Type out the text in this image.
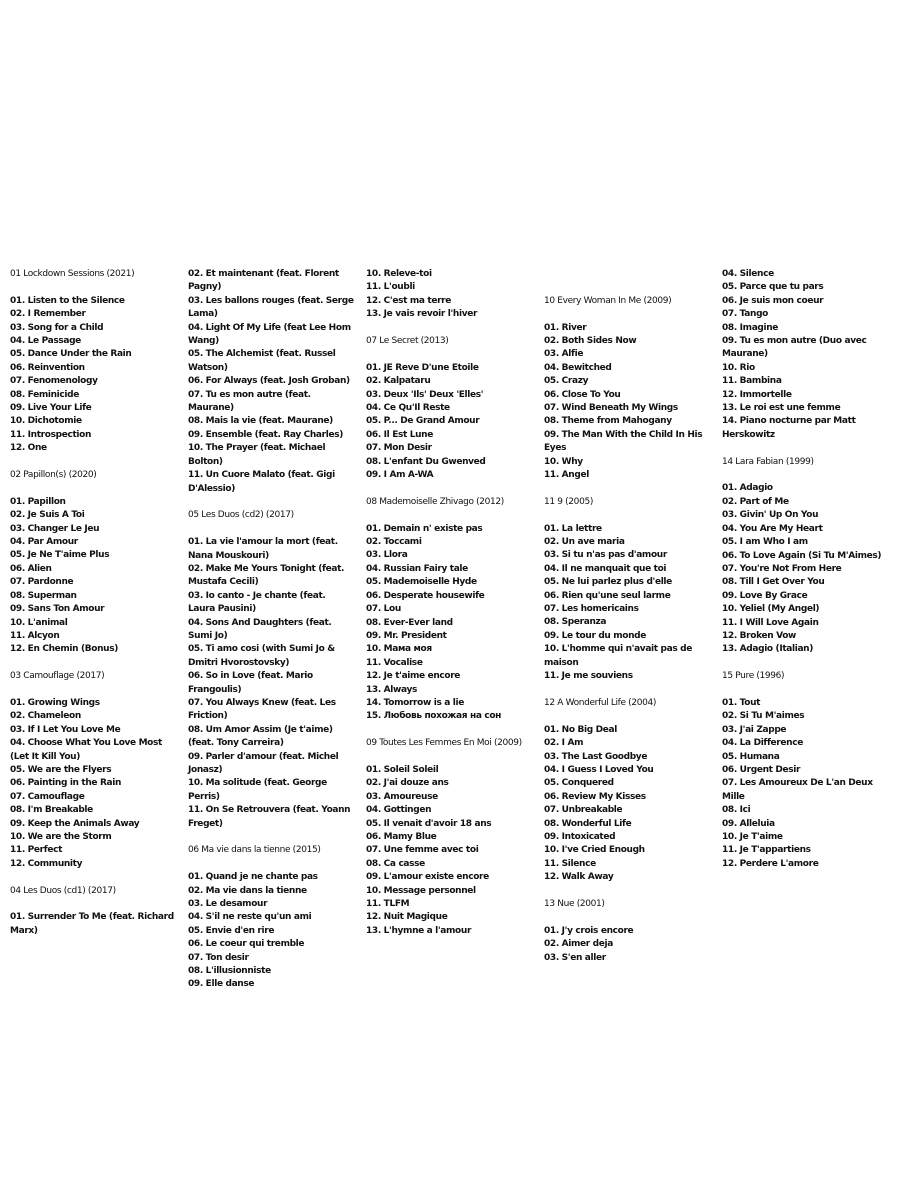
01 Lockdown Sessions (2021)
01. Listen to the Silence
02. I Remember
03. Song for a Child
04. Le Passage
05. Dance Under the Rain
06. Reinvention
07. Fenomenology
08. Feminicide
09. Live Your Life
10. Dichotomie
11. Introspection
12. One
02 Papillon(s) (2020)
01. Papillon
02. Je Suis A Toi
03. Changer Le Jeu
04. Par Amour
05. Je Ne T'aime Plus
06. Alien
07. Pardonne
08. Superman
09. Sans Ton Amour
10. L'animal
11. Alcyon
12. En Chemin (Bonus)
03 Camouflage (2017)
01. Growing Wings
02. Chameleon
03. If I Let You Love Me
04. Choose What You Love Most (Let It Kill You)
05. We are the Flyers
06. Painting in the Rain
07. Camouflage
08. I'm Breakable
09. Keep the Animals Away
10. We are the Storm
11. Perfect
12. Community
04 Les Duos (cd1) (2017)
01. Surrender To Me (feat. Richard Marx)
02. Et maintenant (feat. Florent Pagny)
03. Les ballons rouges (feat. Serge Lama)
04. Light Of My Life (feat Lee Hom Wang)
05. The Alchemist (feat. Russel Watson)
06. For Always (feat. Josh Groban)
07. Tu es mon autre (feat. Maurane)
08. Mais la vie (feat. Maurane)
09. Ensemble (feat. Ray Charles)
10. The Prayer (feat. Michael Bolton)
11. Un Cuore Malato (feat. Gigi D'Alessio)
05 Les Duos (cd2) (2017)
01. La vie l'amour la mort (feat. Nana Mouskouri)
02. Make Me Yours Tonight (feat. Mustafa Cecili)
03. Io canto - Je chante (feat. Laura Pausini)
04. Sons And Daughters (feat. Sumi Jo)
05. Ti amo cosi (with Sumi Jo & Dmitri Hvorostovsky)
06. So in Love (feat. Mario Frangoulis)
07. You Always Knew (feat. Les Friction)
08. Um Amor Assim (Je t'aime)(feat. Tony Carreira)
09. Parler d'amour (feat. Michel Jonasz)
10. Ma solitude (feat. George Perris)
11. On Se Retrouvera (feat. Yoann Freget)
06 Ma vie dans la tienne (2015)
01. Quand je ne chante pas
02. Ma vie dans la tienne
03. Le desamour
04. S'il ne reste qu'un ami
05. Envie d'en rire
06. Le coeur qui tremble
07. Ton desir
08. L'illusionniste
09. Elle danse
10. Releve-toi
11. L'oubli
12. C'est ma terre
13. Je vais revoir l'hiver
07 Le Secret (2013)
01. JE Reve D'une Etoile
02. Kalpataru
03. Deux 'Ils' Deux 'Elles'
04. Ce Qu'Il Reste
05. P... De Grand Amour
06. Il Est Lune
07. Mon Desir
08. L'enfant Du Gwenved
09. I Am A-WA
08 Mademoiselle Zhivago (2012)
01. Demain n' existe pas
02. Toccami
03. Llora
04. Russian Fairy tale
05. Mademoiselle Hyde
06. Desperate housewife
07. Lou
08. Ever-Ever land
09. Mr. President
10. Мама моя
11. Vocalise
12. Je t'aime encore
13. Always
14. Tomorrow is a lie
15. Любовь похожая на сон
09 Toutes Les Femmes En Moi (2009)
01. Soleil Soleil
02. J'ai douze ans
03. Amoureuse
04. Gottingen
05. Il venait d'avoir 18 ans
06. Mamy Blue
07. Une femme avec toi
08. Ca casse
09. L'amour existe encore
10. Message personnel
11. TLFM
12. Nuit Magique
13. L'hymne a l'amour
10 Every Woman In Me (2009)
01. River
02. Both Sides Now
03. Alfie
04. Bewitched
05. Crazy
06. Close To You
07. Wind Beneath My Wings
08. Theme from Mahogany
09. The Man With the Child In His Eyes
10. Why
11. Angel
11 9 (2005)
01. La lettre
02. Un ave maria
03. Si tu n'as pas d'amour
04. Il ne manquait que toi
05. Ne lui parlez plus d'elle
06. Rien qu'une seul larme
07. Les homericains
08. Speranza
09. Le tour du monde
10. L'homme qui n'avait pas de maison
11. Je me souviens
12 A Wonderful Life (2004)
01. No Big Deal
02. I Am
03. The Last Goodbye
04. I Guess I Loved You
05. Conquered
06. Review My Kisses
07. Unbreakable
08. Wonderful Life
09. Intoxicated
10. I've Cried Enough
11. Silence
12. Walk Away
13 Nue (2001)
01. J'y crois encore
02. Aimer deja
03. S'en aller
04. Silence
05. Parce que tu pars
06. Je suis mon coeur
07. Tango
08. Imagine
09. Tu es mon autre (Duo avec Maurane)
10. Rio
11. Bambina
12. Immortelle
13. Le roi est une femme
14. Piano nocturne par Matt Herskowitz
14 Lara Fabian (1999)
01. Adagio
02. Part of Me
03. Givin' Up On You
04. You Are My Heart
05. I am Who I am
06. To Love Again (Si Tu M'Aimes)
07. You're Not From Here
08. Till I Get Over You
09. Love By Grace
10. Yeliel (My Angel)
11. I Will Love Again
12. Broken Vow
13. Adagio (Italian)
15 Pure (1996)
01. Tout
02. Si Tu M'aimes
03. J'ai Zappe
04. La Difference
05. Humana
06. Urgent Desir
07. Les Amoureux De L'an Deux Mille
08. Ici
09. Alleluia
10. Je T'aime
11. Je T'appartiens
12. Perdere L'amore
